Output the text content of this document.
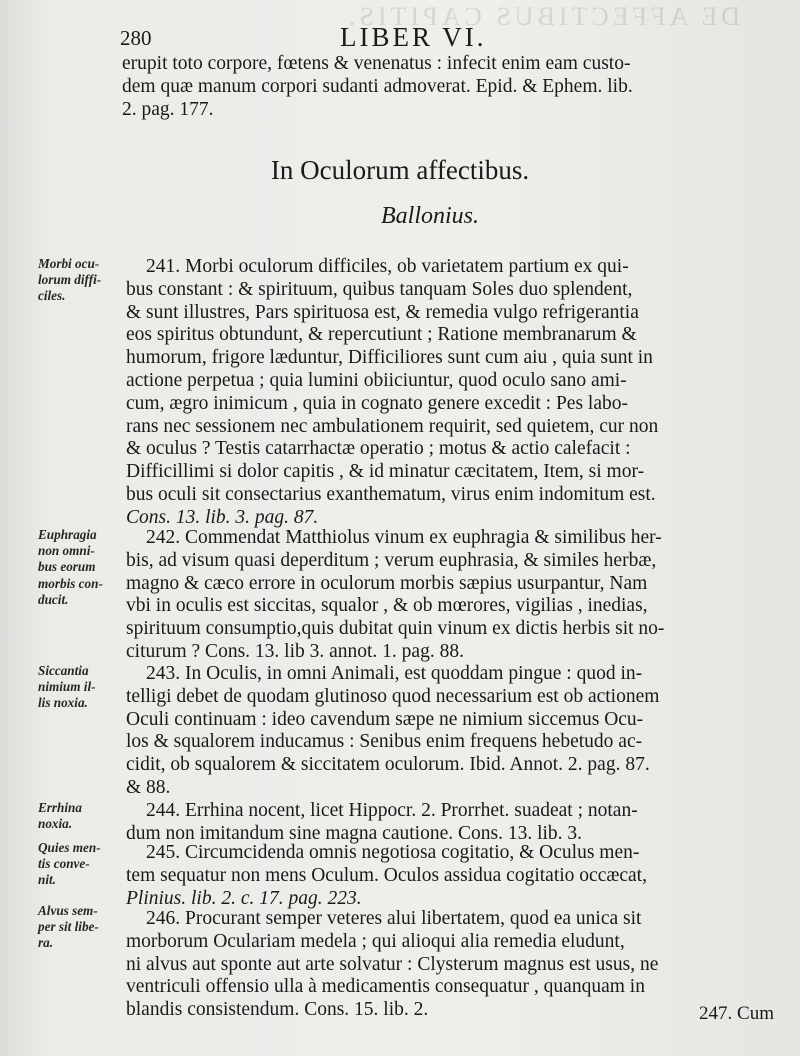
DE AFFECTIBUS CAPITIS.
280	LIBER VI.
erupit toto corpore, fœtens & venenatus : infecit enim eam custo-
dem quæ manum corpori sudanti admoverat. Epid. & Ephem. lib.
2. pag. 177.
In Oculorum affectibus.
Ballonius.
Morbi ocu-
lorum diffi-
ciles.
Euphragia
non omni-
bus eorum
morbis con-
ducit.
Siccantia
nimium il-
lis noxia.
Errhina
noxia.
Quies men-
tis conve-
nit.
Alvus sem-
per sit libe-
ra.
241. Morbi oculorum difficiles, ob varietatem partium ex qui-
bus constant : & spirituum, quibus tanquam Soles duo splendent,
& sunt illustres, Pars spirituosa est, & remedia vulgo refrigerantia
eos spiritus obtundunt, & repercutiunt ; Ratione membranarum &
humorum, frigore læduntur, Difficiliores sunt cum aiu , quia sunt in
actione perpetua ; quia lumini obiiciuntur, quod oculo sano ami-
cum, ægro inimicum , quia in cognato genere excedit : Pes labo-
rans nec sessionem nec ambulationem requirit, sed quietem, cur non
& oculus ? Testis catarrhactæ operatio ; motus & actio calefacit :
Difficillimi si dolor capitis , & id minatur cæcitatem, Item, si mor-
bus oculi sit consectarius exanthematum, virus enim indomitum est.
Cons. 13. lib. 3. pag. 87.
242. Commendat Matthiolus vinum ex euphragia & similibus her-
bis, ad visum quasi deperditum ; verum euphrasia, & similes herbæ,
magno & cæco errore in oculorum morbis sæpius usurpantur, Nam
vbi in oculis est siccitas, squalor , & ob mœrores, vigilias , inedias,
spirituum consumptio,quis dubitat quin vinum ex dictis herbis sit no-
citurum ? Cons. 13. lib 3. annot. 1. pag. 88.
243. In Oculis, in omni Animali, est quoddam pingue : quod in-
telligi debet de quodam glutinoso quod necessarium est ob actionem
Oculi continuam : ideo cavendum sæpe ne nimium siccemus Ocu-
los & squalorem inducamus : Senibus enim frequens hebetudo ac-
cidit, ob squalorem & siccitatem oculorum. Ibid. Annot. 2. pag. 87.
& 88.
244. Errhina nocent, licet Hippocr. 2. Prorrhet. suadeat ; notan-
dum non imitandum sine magna cautione. Cons. 13. lib. 3.
245. Circumcidenda omnis negotiosa cogitatio, & Oculus men-
tem sequatur non mens Oculum. Oculos assidua cogitatio occæcat,
Plinius. lib. 2. c. 17. pag. 223.
246. Procurant semper veteres alui libertatem, quod ea unica sit
morborum Oculariam medela ; qui alioqui alia remedia eludunt,
ni alvus aut sponte aut arte solvatur : Clysterum magnus est usus, ne
ventriculi offensio ulla à medicamentis consequatur , quanquam in
blandis consistendum. Cons. 15. lib. 2.	247. Cum
